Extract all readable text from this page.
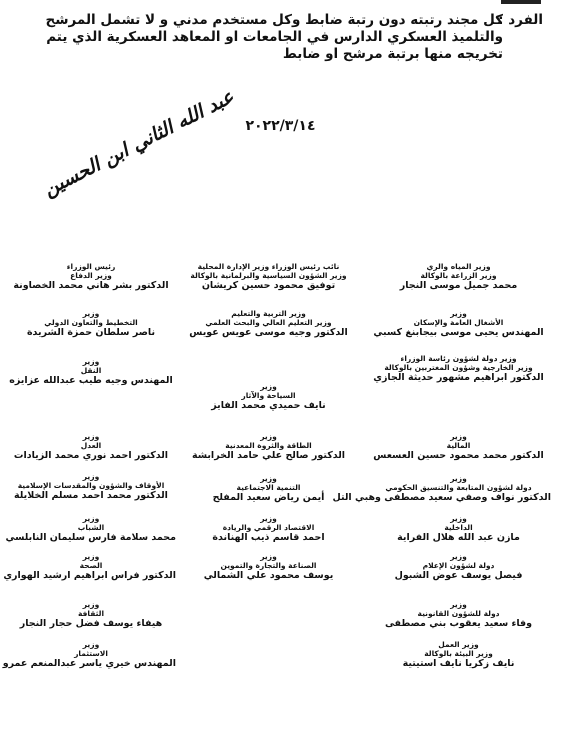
الفرد :
كل مجند رتبته دون رتبة ضابط وكل مستخدم مدني و لا تشمل المرشح والتلميذ العسكري الدارس في الجامعات او المعاهد العسكرية الذي يتم تخريجه منها برتبة مرشح او ضابط
٢٠٢٢/٣/١٤
عبد الله الثاني ابن الحسين
وزير المياه والري
وزير الزراعة بالوكالة
محمد جميل موسى النجار
وزير
الأشغال العامة والإسكان
المهندس يحيى موسى بيجابنغ كسبي
وزير دولة لشؤون رئاسة الوزراء
وزير الخارجية وشؤون المغتربين بالوكالة
الدكتور ابراهيم مشهور حديثة الجازي
وزير
المالية
الدكتور محمد محمود حسين العسعس
وزير
دولة لشؤون المتابعة والتنسيق الحكومي
الدكتور نواف وصفي سعيد مصطفى وهبي التل
وزير
الداخلية
مازن عبد الله هلال الفراية
وزير
دولة لشؤون الإعلام
فيصل يوسف عوض الشبول
وزير
دولة للشؤون القانونية
وفاء سعيد يعقوب بني مصطفى
وزير العمل
وزير البيئة بالوكالة
نايف زكريا نايف استيتية
نائب رئيس الوزراء وزير الإدارة المحلية
وزير الشؤون السياسية والبرلمانية بالوكالة
توفيق محمود حسين كريشان
وزير التربية والتعليم
وزير التعليم العالي والبحث العلمي
الدكتور وجيه موسى عويس عويس
وزير
السياحة والآثار
نايف حميدي محمد الفايز
وزير
الطاقة والثروة المعدنية
الدكتور صالح علي حامد الخرابشة
وزير
التنمية الاجتماعية
أيمن رياض سعيد المفلح
وزير
الاقتصاد الرقمي والريادة
احمد قاسم ذيب الهناندة
وزير
الصناعة والتجارة والتموين
يوسف محمود علي الشمالي
رئيس الوزراء
وزير الدفاع
الدكتور بشر هاني محمد الخصاونة
وزير
التخطيط والتعاون الدولي
ناصر سلطان حمزة الشريدة
وزير
النقل
المهندس وجيه طيب عبدالله عزايزه
وزير
العدل
الدكتور احمد نوري محمد الزيادات
وزير
الأوقاف والشؤون والمقدسات الإسلامية
الدكتور محمد احمد مسلم الخلايلة
وزير
الشباب
محمد سلامة فارس سليمان النابلسي
وزير
الصحة
الدكتور فراس ابراهيم ارشيد الهواري
وزير
الثقافة
هيفاء يوسف فضل حجار النجار
وزير
الاستثمار
المهندس خيري ياسر عبدالمنعم عمرو
